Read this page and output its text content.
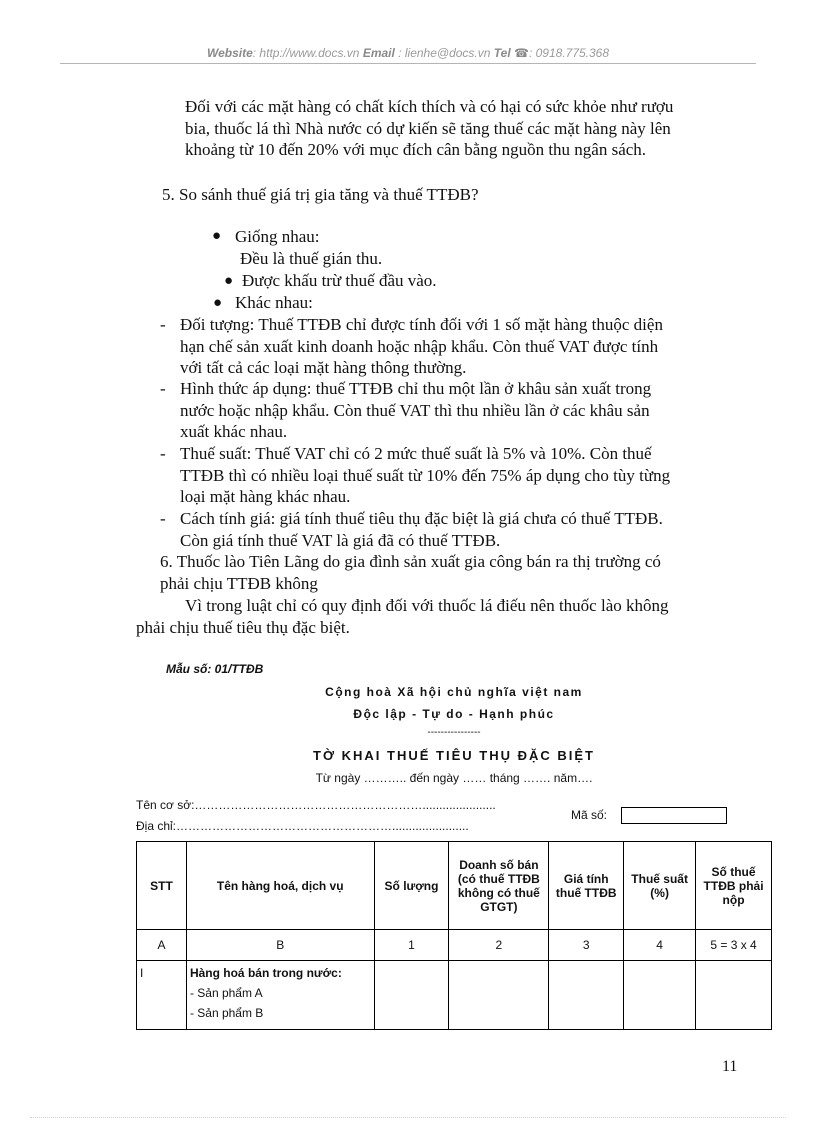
Website: http://www.docs.vn Email : lienhe@docs.vn Tel ☎: 0918.775.368
Đối với các mặt hàng có chất kích thích và có hại có sức khỏe như rượu
bia, thuốc lá thì Nhà nước có dự kiến sẽ tăng thuế các mặt hàng này lên
khoảng từ 10 đến 20% với mục đích cân bằng nguồn thu ngân sách.
5. So sánh thuế giá trị gia tăng và thuế TTĐB?
● Giống nhau:
Đều là thuế gián thu.
● Được khấu trừ thuế đầu vào.
● Khác nhau:
- Đối tượng: Thuế TTĐB chỉ được tính đối với 1 số mặt hàng thuộc diện
hạn chế sản xuất kinh doanh hoặc nhập khẩu. Còn thuế VAT được tính
với tất cả các loại mặt hàng thông thường.
- Hình thức áp dụng: thuế TTĐB chỉ thu một lần ở khâu sản xuất trong
nước hoặc nhập khẩu. Còn thuế VAT thì thu nhiều lần ở các khâu sản
xuất khác nhau.
- Thuế suất: Thuế VAT chỉ có 2 mức thuế suất là 5% và 10%. Còn thuế
TTĐB thì có nhiều loại thuế suất từ 10% đến 75% áp dụng cho tùy từng
loại mặt hàng khác nhau.
- Cách tính giá: giá tính thuế tiêu thụ đặc biệt là giá chưa có thuế TTĐB.
Còn giá tính thuế VAT là giá đã có thuế TTĐB.
6. Thuốc lào Tiên Lãng do gia đình sản xuất gia công bán ra thị trường có
phải chịu TTĐB không
Vì trong luật chỉ có quy định đối với thuốc lá điếu nên thuốc lào không
phải chịu thuế tiêu thụ đặc biệt.
Mẫu số: 01/TTĐB
Cộng hoà Xã hội chủ nghĩa việt nam
Độc lập - Tự do - Hạnh phúc
----------------
TỜ KHAI THUẾ TIÊU THỤ ĐẶC BIỆT
Từ ngày ……….. đến ngày …… tháng ……. năm….
Tên cơ sở:…………………………………………………......................
Địa chỉ:……………………………………………….......................
Mã số:
STT	Tên hàng hoá, dịch vụ	Số lượng	Doanh số bán (có thuế TTĐB không có thuế GTGT)	Giá tính thuế TTĐB	Thuế suất (%)	Số thuế TTĐB phải nộp
A	B	1	2	3	4	5 = 3 x 4
I	Hàng hoá bán trong nước:
- Sản phẩm A
- Sản phẩm B					

11
